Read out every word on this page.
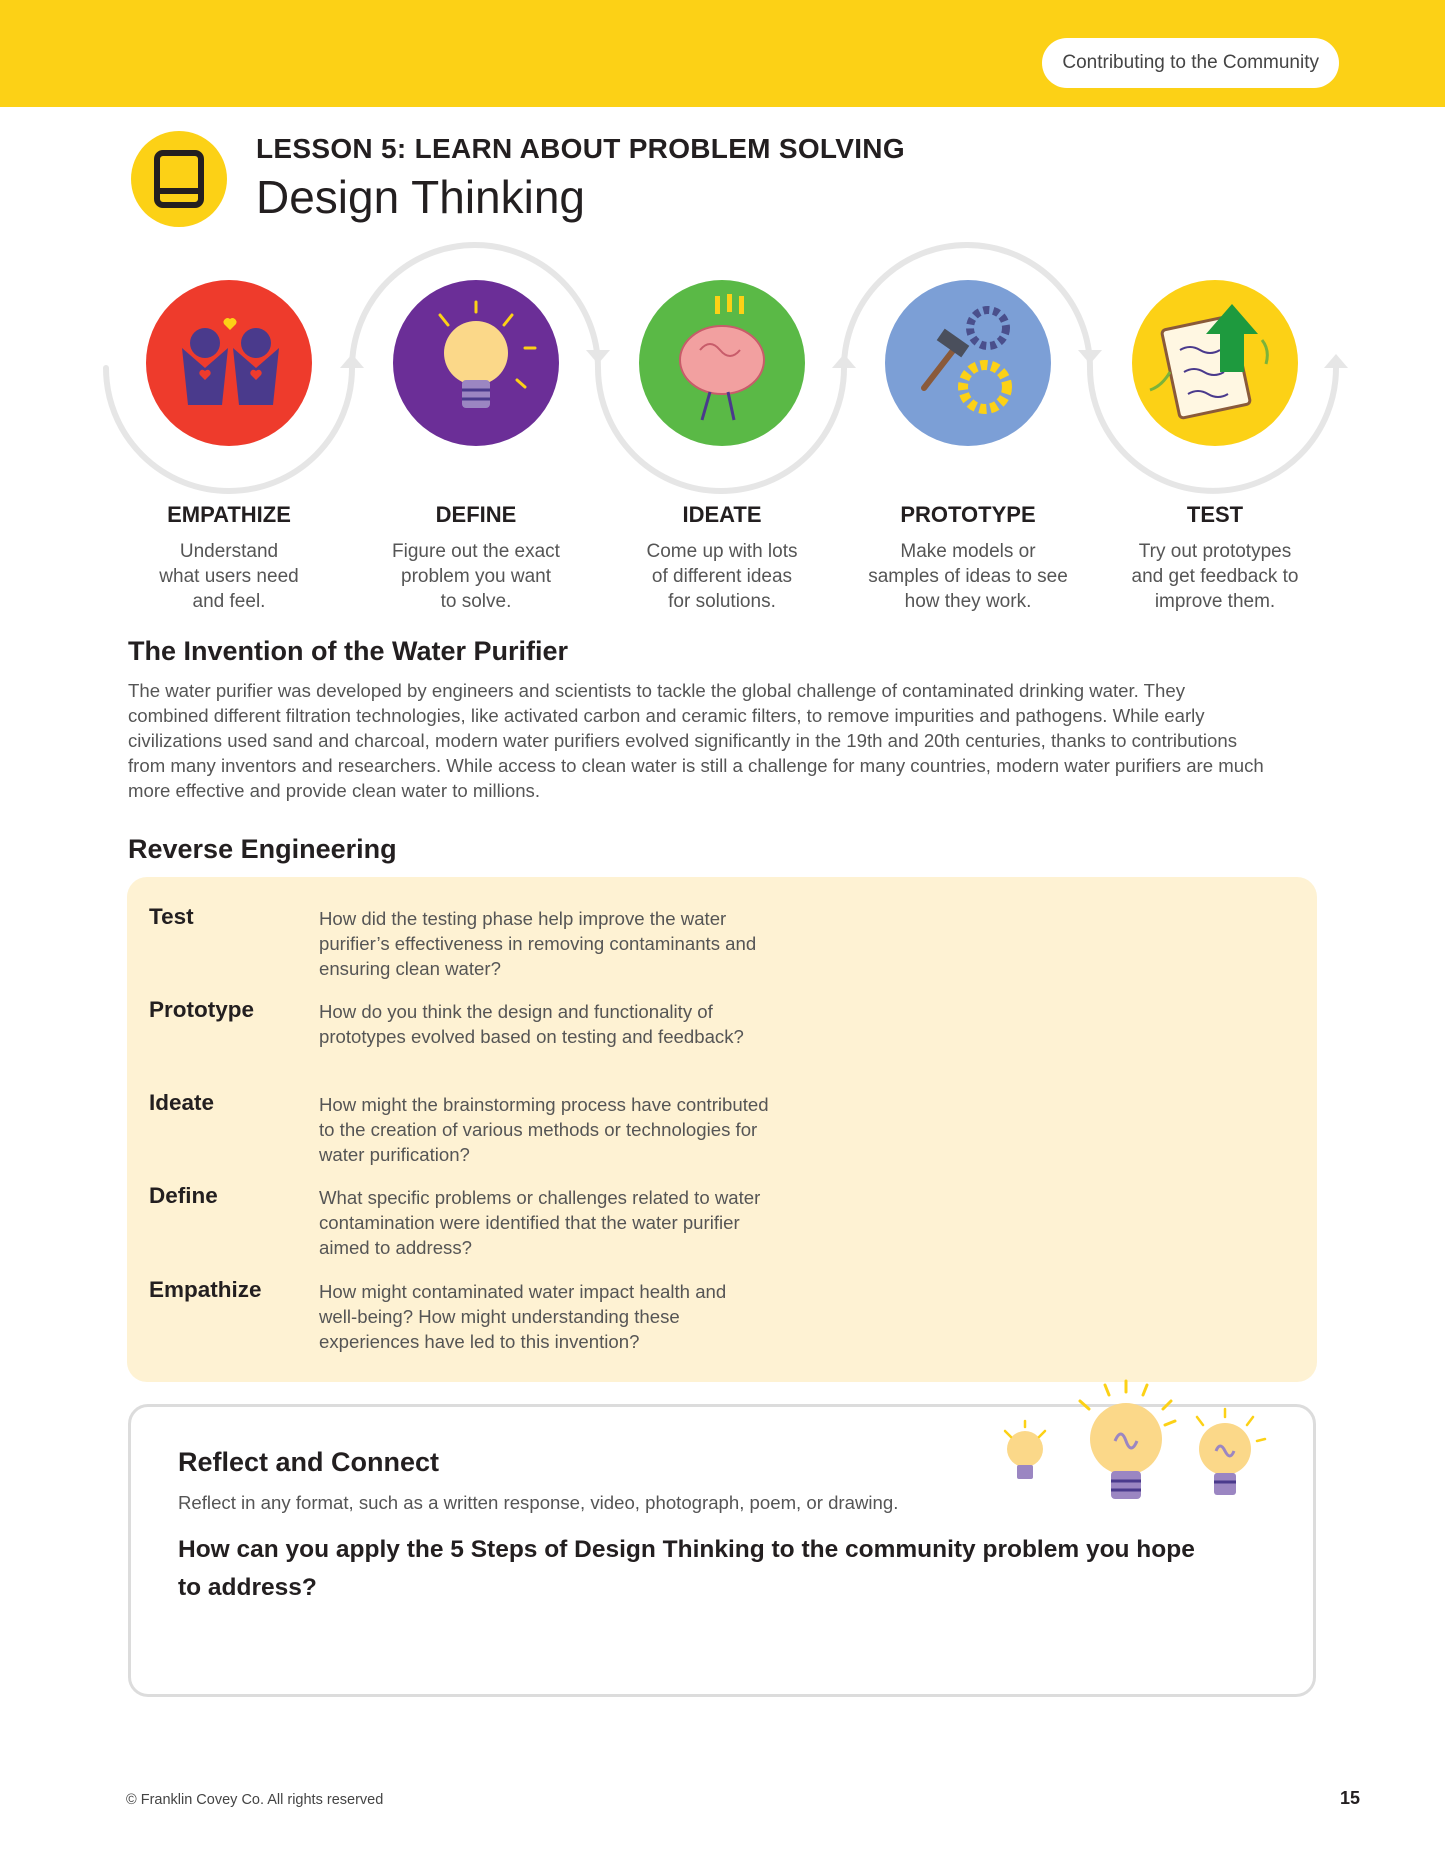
Contributing to the Community
LESSON 5: LEARN ABOUT PROBLEM SOLVING
Design Thinking
EMPATHIZE
Understand
what users need
and feel.
DEFINE
Figure out the exact
problem you want
to solve.
IDEATE
Come up with lots
of different ideas
for solutions.
PROTOTYPE
Make models or
samples of ideas to see
how they work.
TEST
Try out prototypes
and get feedback to
improve them.
The Invention of the Water Purifier

The water purifier was developed by engineers and scientists to tackle the global challenge of contaminated drinking water. They combined different filtration technologies, like activated carbon and ceramic filters, to remove impurities and pathogens. While early civilizations used sand and charcoal, modern water purifiers evolved significantly in the 19th and 20th centuries, thanks to contributions from many inventors and researchers. While access to clean water is still a challenge for many countries, modern water purifiers are much more effective and provide clean water to millions.

Reverse Engineering
Test	How did the testing phase help improve the water purifier’s effectiveness in removing contaminants and ensuring clean water?
Prototype	How do you think the design and functionality of prototypes evolved based on testing and feedback?
Ideate	How might the brainstorming process have contributed to the creation of various methods or technologies for water purification?
Define	What specific problems or challenges related to water contamination were identified that the water purifier aimed to address?
Empathize	How might contaminated water impact health and well-being? How might understanding these experiences have led to this invention?
Reflect and Connect
Reflect in any format, such as a written response, video, photograph, poem, or drawing.
How can you apply the 5 Steps of Design Thinking to the community problem you hope to address?
© Franklin Covey Co. All rights reserved	15
